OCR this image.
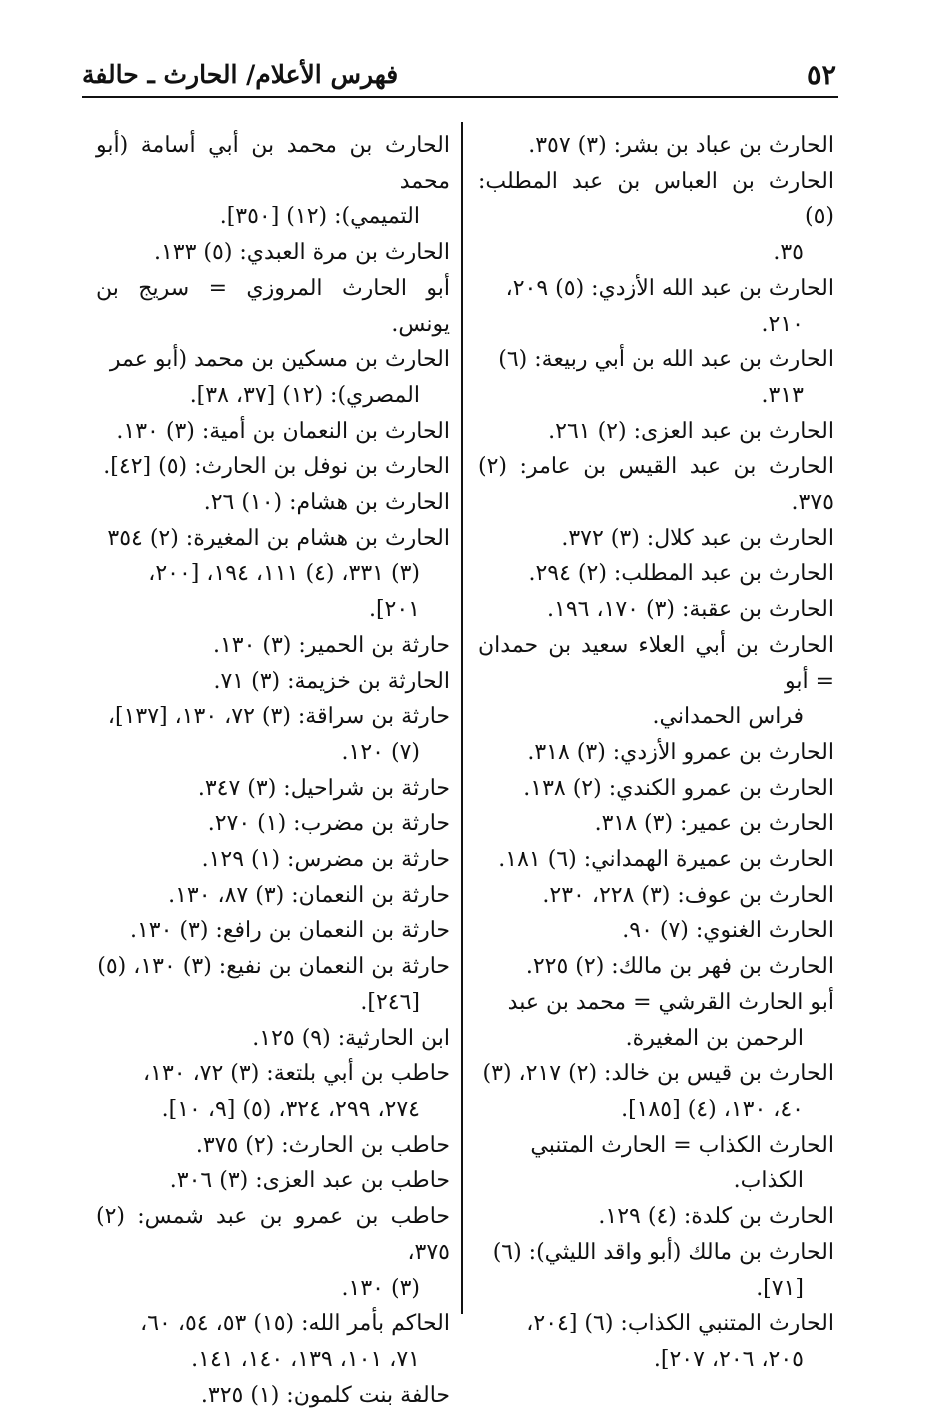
٥٢
فهرس الأعلام/ الحارث ـ حالفة
الحارث بن عباد بن بشر: (٣) ٣٥٧.
الحارث بن العباس بن عبد المطلب: (٥)
٣٥.
الحارث بن عبد الله الأزدي: (٥) ٢٠٩،
٢١٠.
الحارث بن عبد الله بن أبي ربيعة: (٦)
٣١٣.
الحارث بن عبد العزى: (٢) ٢٦١.
الحارث بن عبد القيس بن عامر: (٢) ٣٧٥.
الحارث بن عبد كلال: (٣) ٣٧٢.
الحارث بن عبد المطلب: (٢) ٢٩٤.
الحارث بن عقبة: (٣) ١٧٠، ١٩٦.
الحارث بن أبي العلاء سعيد بن حمدان = أبو
فراس الحمداني.
الحارث بن عمرو الأزدي: (٣) ٣١٨.
الحارث بن عمرو الكندي: (٢) ١٣٨.
الحارث بن عمير: (٣) ٣١٨.
الحارث بن عميرة الهمداني: (٦) ١٨١.
الحارث بن عوف: (٣) ٢٢٨، ٢٣٠.
الحارث الغنوي: (٧) ٩٠.
الحارث بن فهر بن مالك: (٢) ٢٢٥.
أبو الحارث القرشي = محمد بن عبد
الرحمن بن المغيرة.
الحارث بن قيس بن خالد: (٢) ٢١٧، (٣)
٤٠، ١٣٠، (٤) [١٨٥].
الحارث الكذاب = الحارث المتنبي
الكذاب.
الحارث بن كلدة: (٤) ١٢٩.
الحارث بن مالك (أبو واقد الليثي): (٦)
[٧١].
الحارث المتنبي الكذاب: (٦) [٢٠٤،
٢٠٥، ٢٠٦، ٢٠٧].
الحارث بن محمد بن أبي أسامة (أبو محمد
التميمي): (١٢) [٣٥٠].
الحارث بن مرة العبدي: (٥) ١٣٣.
أبو الحارث المروزي = سريج بن يونس.
الحارث بن مسكين بن محمد (أبو عمر
المصري): (١٢) [٣٧، ٣٨].
الحارث بن النعمان بن أمية: (٣) ١٣٠.
الحارث بن نوفل بن الحارث: (٥) [٤٢].
الحارث بن هشام: (١٠) ٢٦.
الحارث بن هشام بن المغيرة: (٢) ٣٥٤
(٣) ٣٣١، (٤) ١١١، ١٩٤، [٢٠٠،
٢٠١].
حارثة بن الحمير: (٣) ١٣٠.
الحارثة بن خزيمة: (٣) ٧١.
حارثة بن سراقة: (٣) ٧٢، ١٣٠، [١٣٧]،
(٧) ١٢٠.
حارثة بن شراحيل: (٣) ٣٤٧.
حارثة بن مضرب: (١) ٢٧٠.
حارثة بن مضرس: (١) ١٢٩.
حارثة بن النعمان: (٣) ٨٧، ١٣٠.
حارثة بن النعمان بن رافع: (٣) ١٣٠.
حارثة بن النعمان بن نفيع: (٣) ١٣٠، (٥)
[٢٤٦].
ابن الحارثية: (٩) ١٢٥.
حاطب بن أبي بلتعة: (٣) ٧٢، ١٣٠،
٢٧٤، ٢٩٩، ٣٢٤، (٥) [٩، ١٠].
حاطب بن الحارث: (٢) ٣٧٥.
حاطب بن عبد العزى: (٣) ٣٠٦.
حاطب بن عمرو بن عبد شمس: (٢) ٣٧٥،
(٣) ١٣٠.
الحاكم بأمر الله: (١٥) ٥٣، ٥٤، ٦٠،
٧١، ١٠١، ١٣٩، ١٤٠، ١٤١.
حالفة بنت كلمون: (١) ٣٢٥.
